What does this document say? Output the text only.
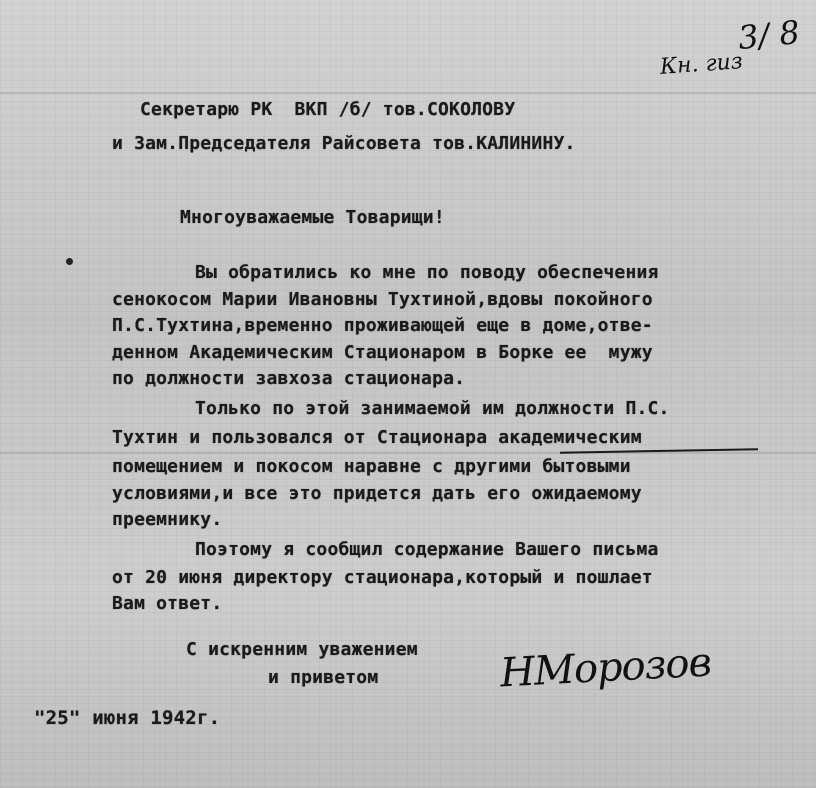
Кн. гиз
3/ 8
Секретарю РК  ВКП /б/ тов.СОКОЛОВУ
и Зам.Председателя Райсовета тов.КАЛИНИНУ.
Многоуважаемые Товарищи!
Вы обратились ко мне по поводу обеспечения
сенокосом Марии Ивановны Тухтиной,вдовы покойного
П.С.Тухтина,временно проживающей еще в доме,отве-
денном Академическим Стационаром в Борке ее  мужу
по должности завхоза стационара.
Только по этой занимаемой им должности П.С.
Тухтин и пользовался от Стационара академическим
помещением и покосом наравне с другими бытовыми
условиями,и все это придется дать его ожидаемому
преемнику.
Поэтому я сообщил содержание Вашего письма
от 20 июня директору стационара,который и пошлает
Вам ответ.
С искренним уважением
и приветом	НМорозов
"25" июня 1942г.
